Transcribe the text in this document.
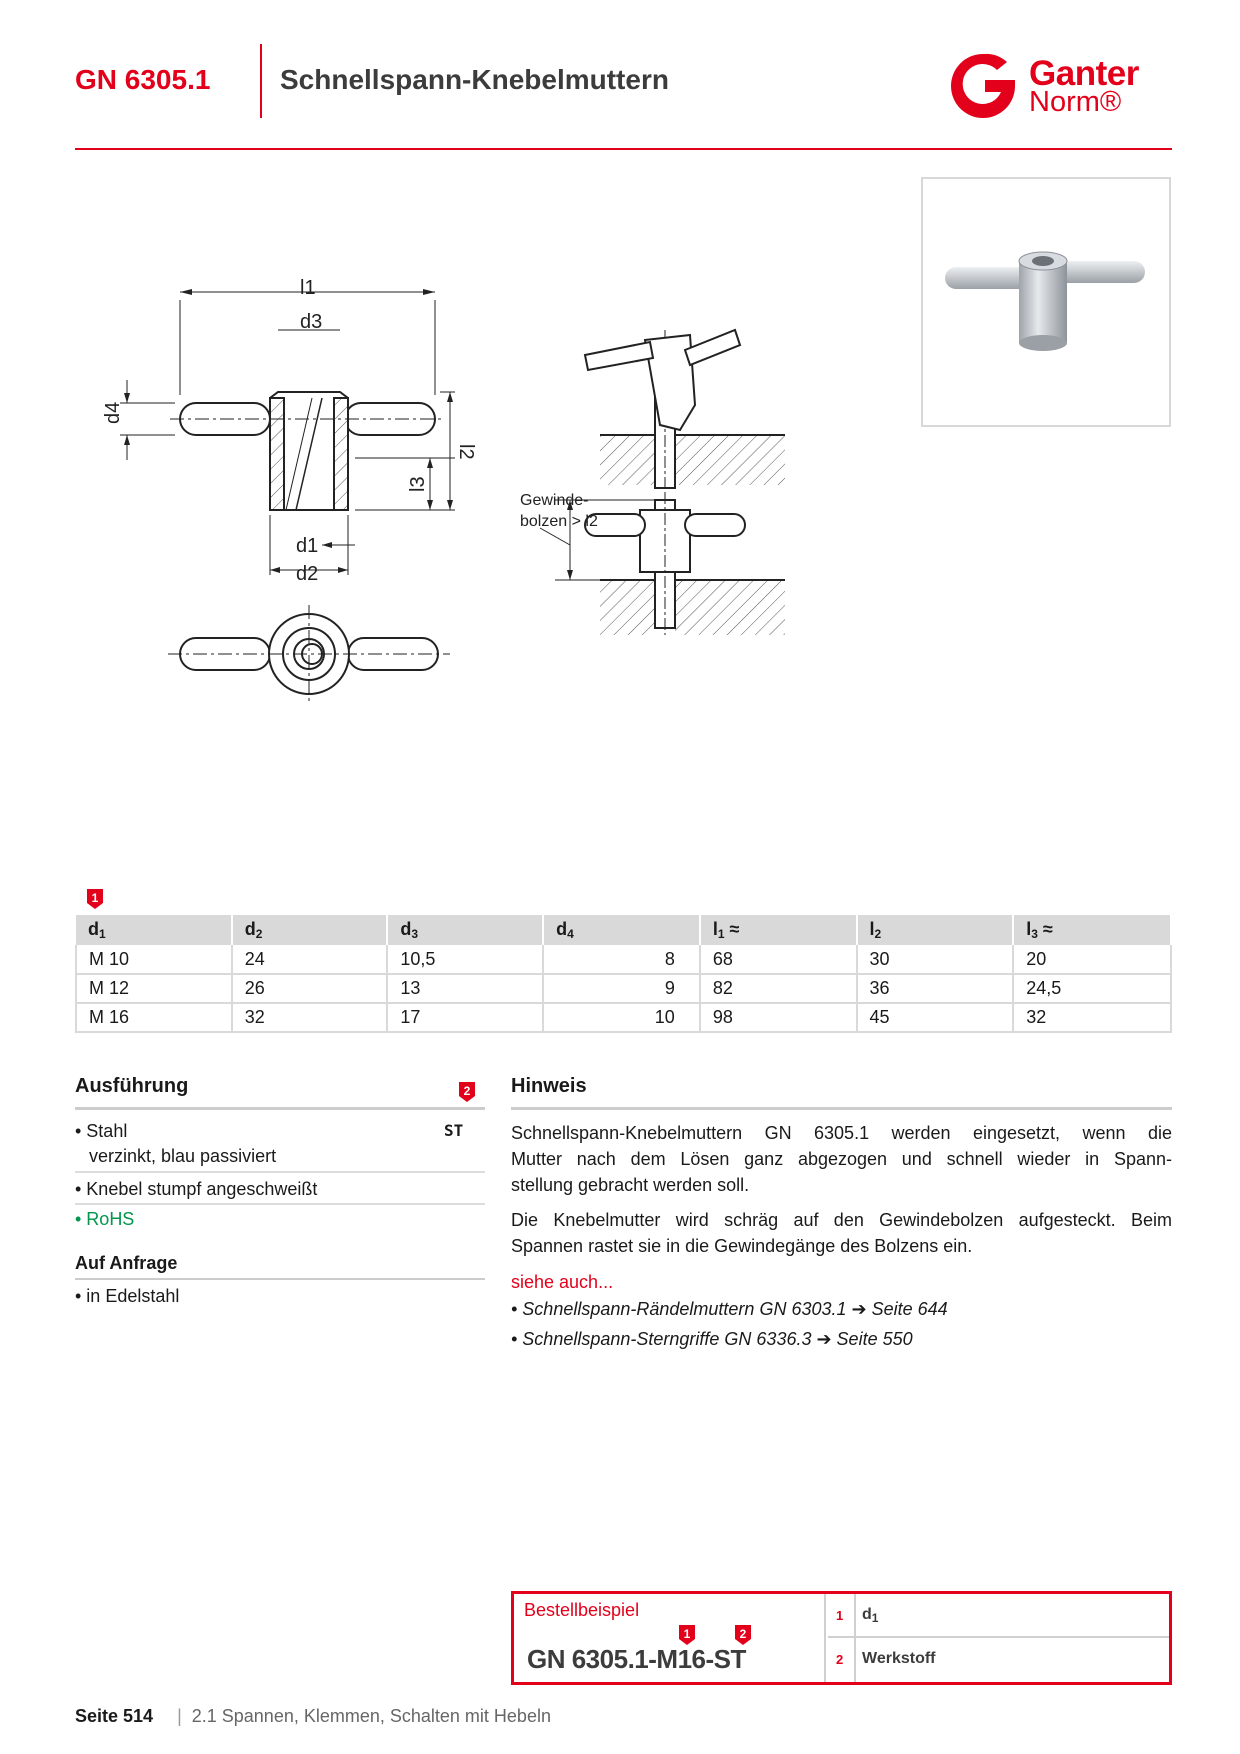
GN 6305.1 Schnellspann-Knebelmuttern	Ganter
Norm®
l1
d3
d4
l3
l2
d1
d2
Gewinde-
bolzen > l2
1
$d_1$	$d_2$	$d_3$	$d_4$	$l_1$ ≈	$l_2$	$l_3$ ≈
M 10	24	10,5	8	68	30	20
M 12	26	13	9	82	36	24,5
M 16	32	17	10	98	45	32
Ausführung	2
• Stahl	ST
verzinkt, blau passiviert
• Knebel stumpf angeschweißt
• RoHS
Auf Anfrage
• in Edelstahl
Hinweis
Schnellspann-Knebelmuttern GN 6305.1 werden eingesetzt, wenn die
Mutter nach dem Lösen ganz abgezogen und schnell wieder in Spann-
stellung gebracht werden soll.
Die Knebelmutter wird schräg auf den Gewindebolzen aufgesteckt. Beim
Spannen rastet sie in die Gewindegänge des Bolzens ein.
siehe auch...
• Schnellspann-Rändelmuttern GN 6303.1 ➔ Seite 644
• Schnellspann-Sterngriffe GN 6336.3 ➔ Seite 550
Bestellbeispiel
1	2
GN 6305.1-M16-ST
1 $d_1$
2 Werkstoff
Seite 514 | 2.1 Spannen, Klemmen, Schalten mit Hebeln
